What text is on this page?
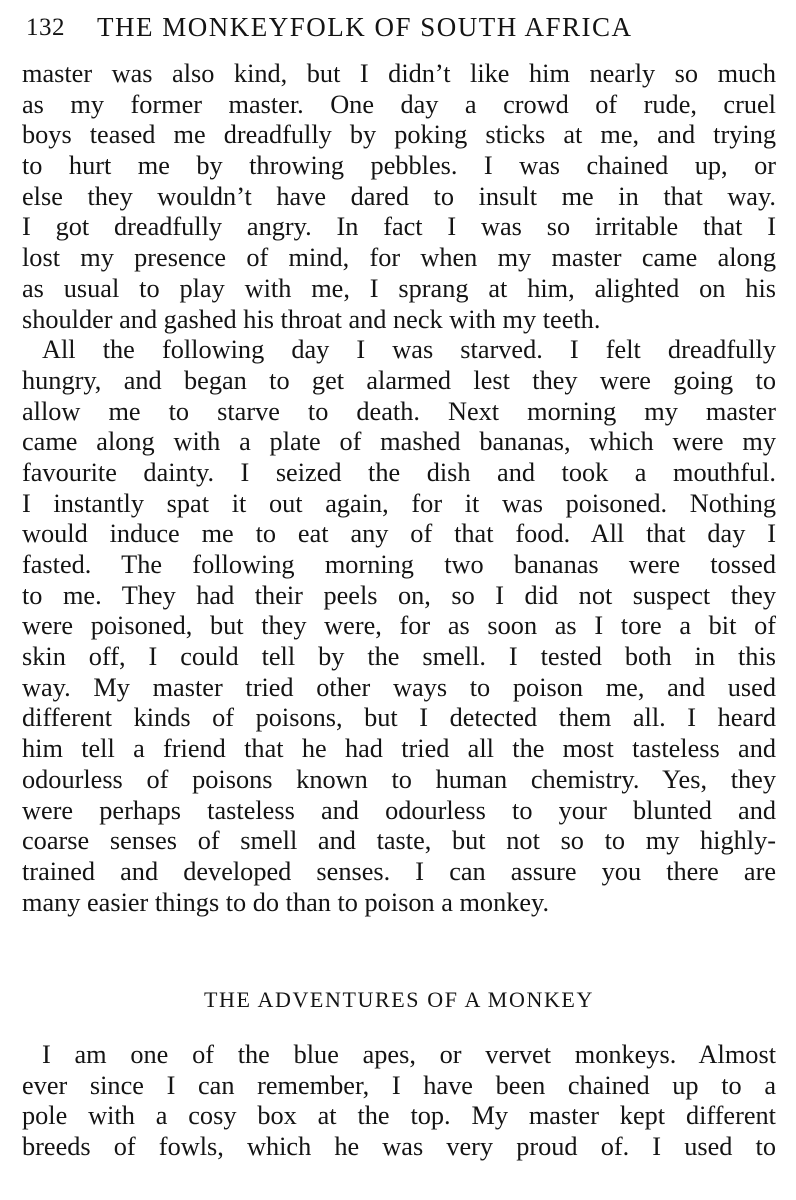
132 THE MONKEYFOLK OF SOUTH AFRICA
master was also kind, but I didn’t like him nearly so much
as my former master. One day a crowd of rude, cruel
boys teased me dreadfully by poking sticks at me, and trying
to hurt me by throwing pebbles. I was chained up, or
else they wouldn’t have dared to insult me in that way.
I got dreadfully angry. In fact I was so irritable that I
lost my presence of mind, for when my master came along
as usual to play with me, I sprang at him, alighted on his
shoulder and gashed his throat and neck with my teeth.
All the following day I was starved. I felt dreadfully
hungry, and began to get alarmed lest they were going to
allow me to starve to death. Next morning my master
came along with a plate of mashed bananas, which were my
favourite dainty. I seized the dish and took a mouthful.
I instantly spat it out again, for it was poisoned. Nothing
would induce me to eat any of that food. All that day I
fasted. The following morning two bananas were tossed
to me. They had their peels on, so I did not suspect they
were poisoned, but they were, for as soon as I tore a bit of
skin off, I could tell by the smell. I tested both in this
way. My master tried other ways to poison me, and used
different kinds of poisons, but I detected them all. I heard
him tell a friend that he had tried all the most tasteless and
odourless of poisons known to human chemistry. Yes, they
were perhaps tasteless and odourless to your blunted and
coarse senses of smell and taste, but not so to my highly-
trained and developed senses. I can assure you there are
many easier things to do than to poison a monkey.
THE ADVENTURES OF A MONKEY
I am one of the blue apes, or vervet monkeys. Almost
ever since I can remember, I have been chained up to a
pole with a cosy box at the top. My master kept different
breeds of fowls, which he was very proud of. I used to
